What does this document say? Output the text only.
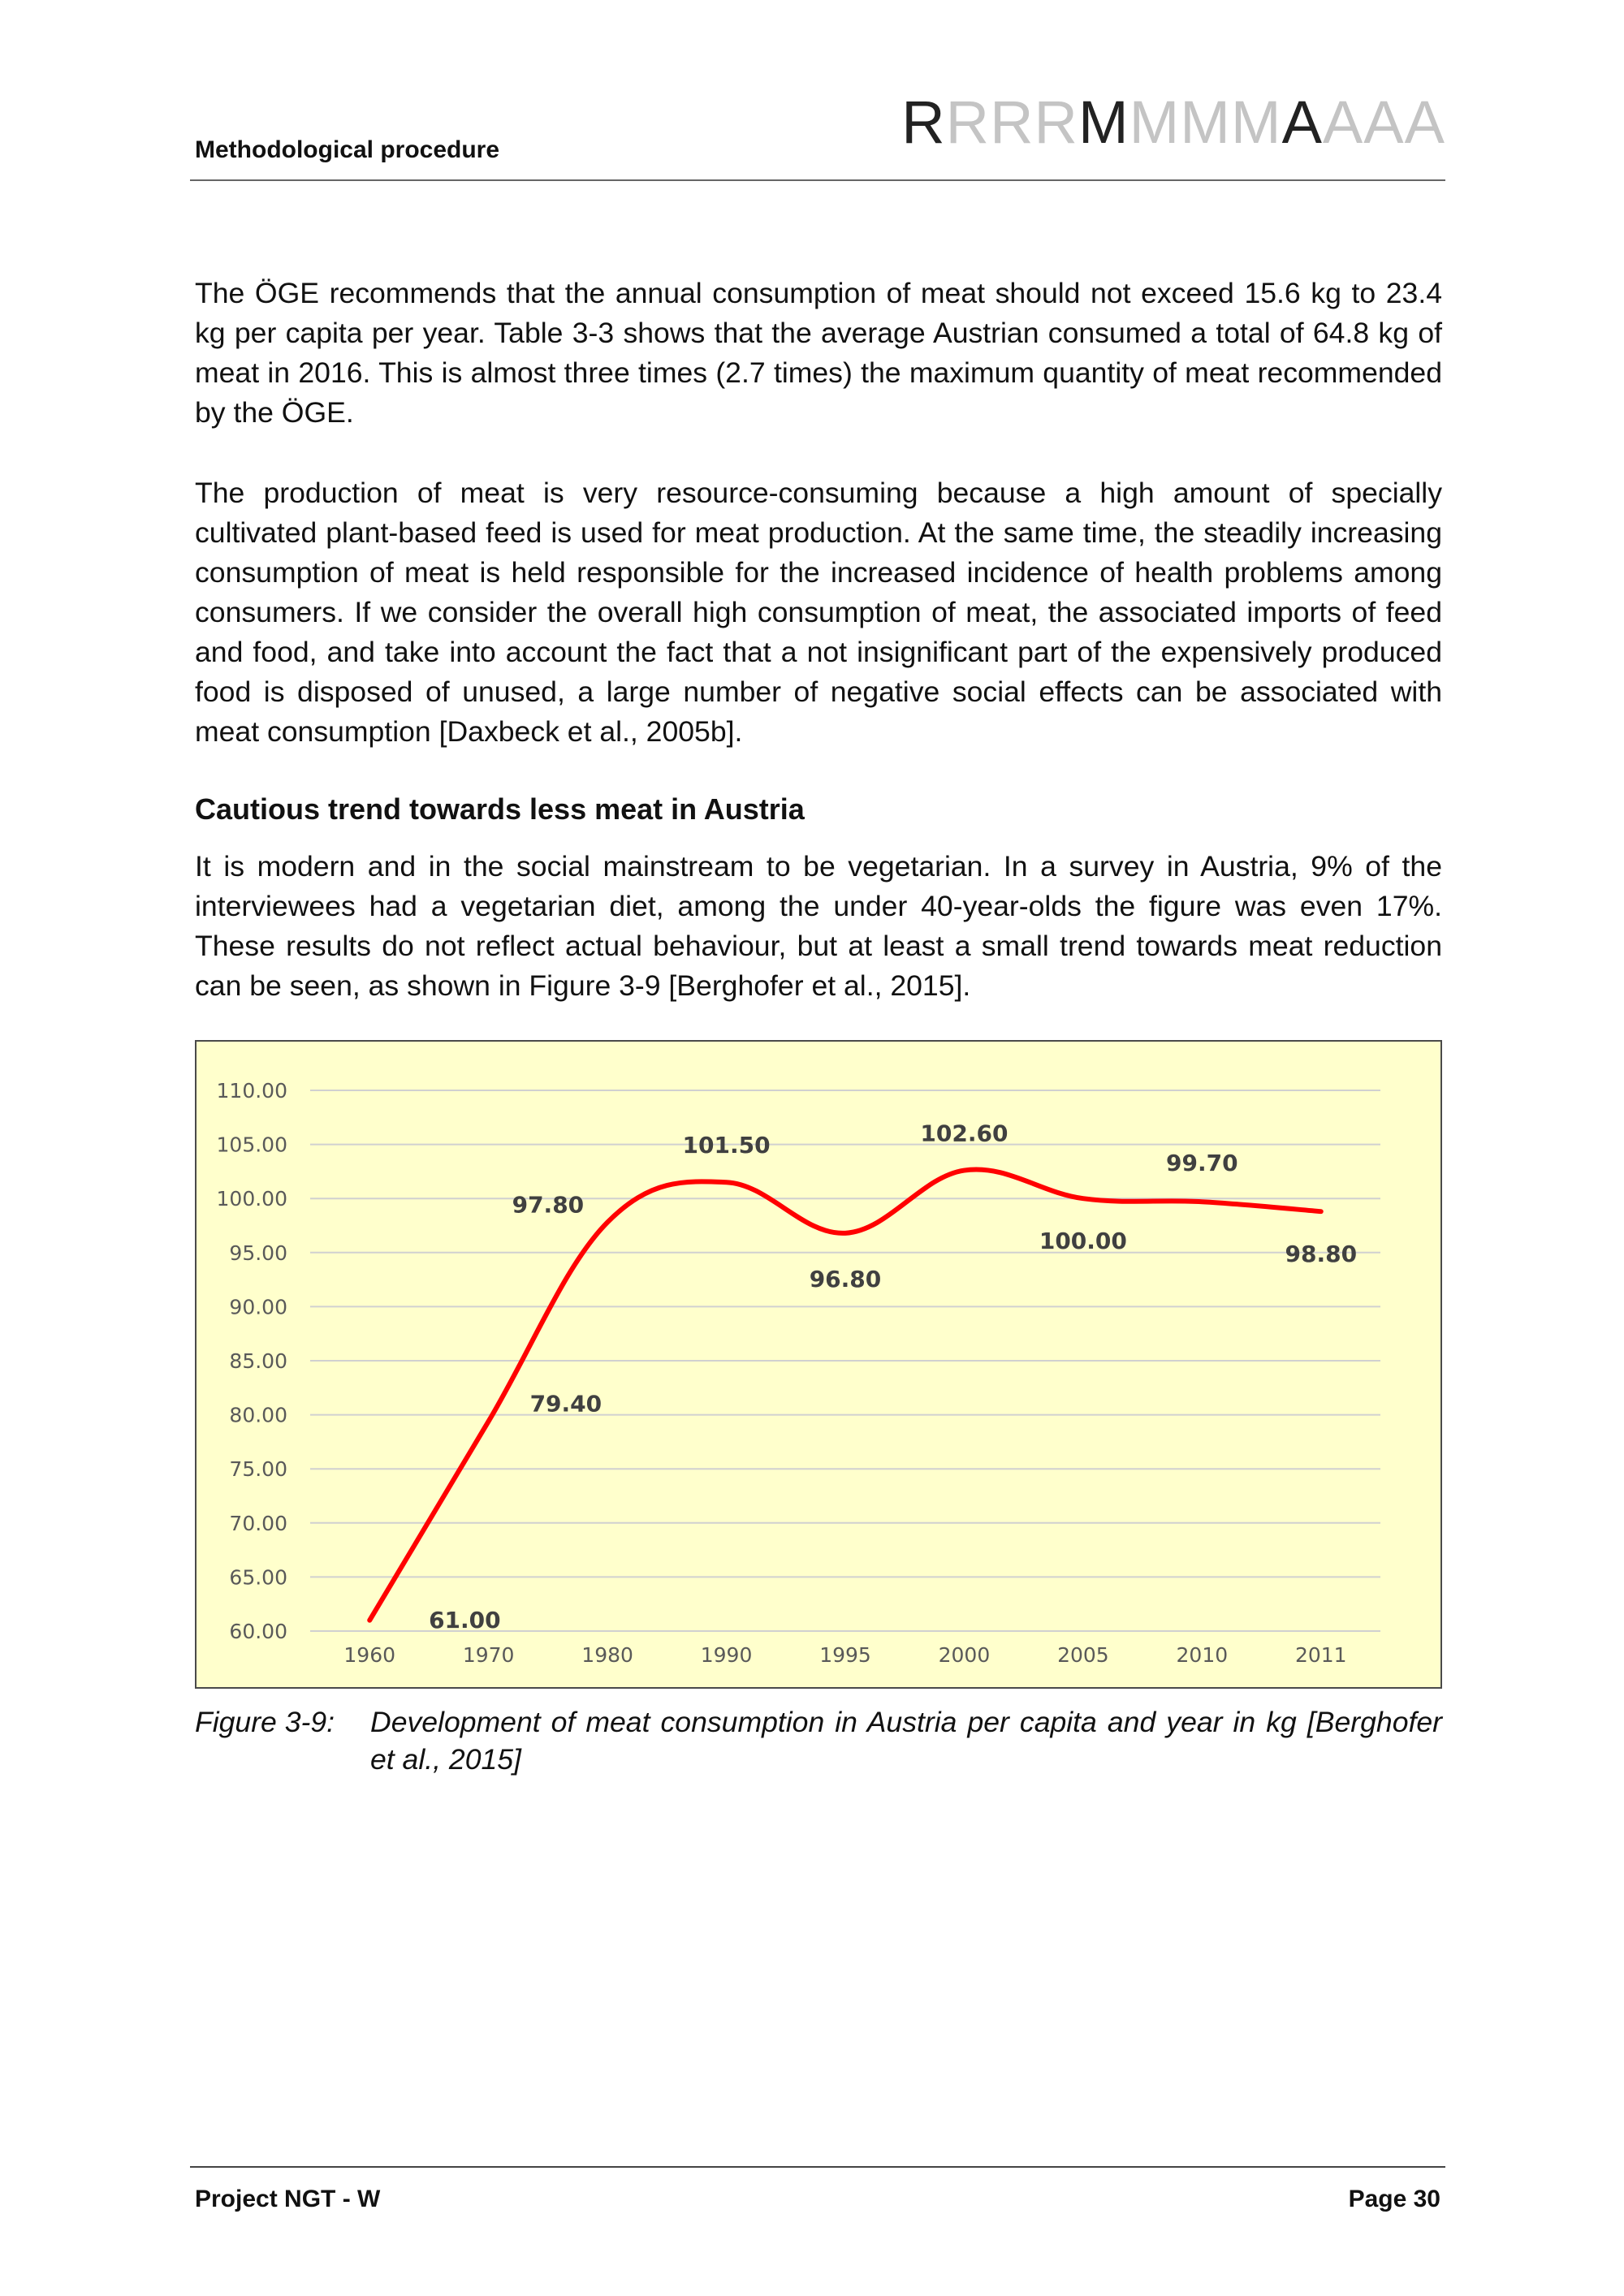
Methodological procedure	RRRRMMMMAAAA

The ÖGE recommends that the annual consumption of meat should not exceed 15.6 kg to 23.4 kg per capita per year. Table 3-3 shows that the average Austrian consumed a total of 64.8 kg of meat in 2016. This is almost three times (2.7 times) the maximum quantity of meat recommended by the ÖGE.

The production of meat is very resource-consuming because a high amount of specially cultivated plant-based feed is used for meat production. At the same time, the steadily increasing consumption of meat is held responsible for the increased incidence of health problems among consumers. If we consider the overall high consumption of meat, the associated imports of feed and food, and take into account the fact that a not insignificant part of the expensively produced food is disposed of unused, a large number of negative social effects can be associated with meat consumption [Daxbeck et al., 2005b].

Cautious trend towards less meat in Austria

It is modern and in the social mainstream to be vegetarian. In a survey in Austria, 9% of the interviewees had a vegetarian diet, among the under 40-year-olds the figure was even 17%. These results do not reflect actual behaviour, but at least a small trend towards meat reduction can be seen, as shown in Figure 3-9 [Berghofer et al., 2015].

60.00
65.00
70.00
75.00
80.00
85.00
90.00
95.00
100.00
105.00
110.00
1960	1970	1980	1990	1995	2000	2005	2010	2011
61.00
79.40
97.80
101.50
96.80
102.60
100.00
99.70
98.80
Figure 3-9: Development of meat consumption in Austria per capita and year in kg [Berghofer et al., 2015]
Project NGT - W	Page 30
